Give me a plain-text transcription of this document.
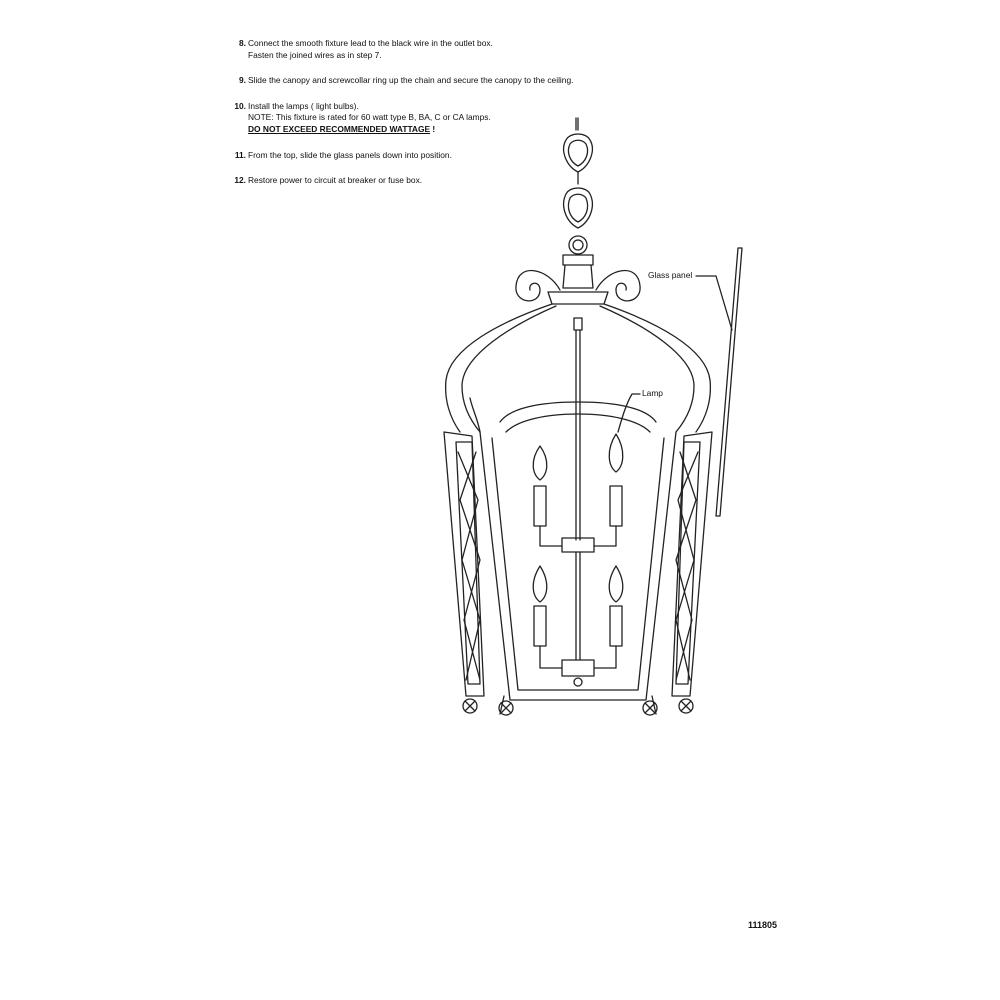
8. Connect the smooth fixture lead to the black wire in the outlet box.
Fasten the joined wires as in step 7.
9. Slide the canopy and screwcollar ring up the chain and secure the canopy to the ceiling.
10. Install the lamps ( light bulbs).
NOTE: This fixture is rated for 60 watt type B, BA, C or CA lamps.
DO NOT EXCEED RECOMMENDED WATTAGE !
11. From the top, slide the glass panels down into position.
12. Restore power to circuit at breaker or fuse box.
Glass panel
Lamp
111805
